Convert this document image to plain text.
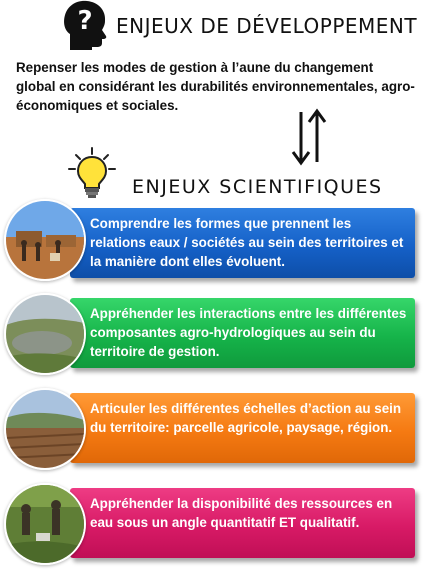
? ENJEUX DE DÉVELOPPEMENT
Repenser les modes de gestion à l’aune du changement global en considérant les durabilités environnementales, agro-économiques et sociales.
ENJEUX SCIENTIFIQUES
Comprendre les formes que prennent les relations eaux / sociétés au sein des territoires et la manière dont elles évoluent.
Appréhender les interactions entre les différentes composantes agro-hydrologiques au sein du territoire de gestion.
Articuler les différentes échelles d’action au sein du territoire: parcelle agricole, paysage, région.
Appréhender la disponibilité des ressources en eau sous un angle quantitatif ET qualitatif.
